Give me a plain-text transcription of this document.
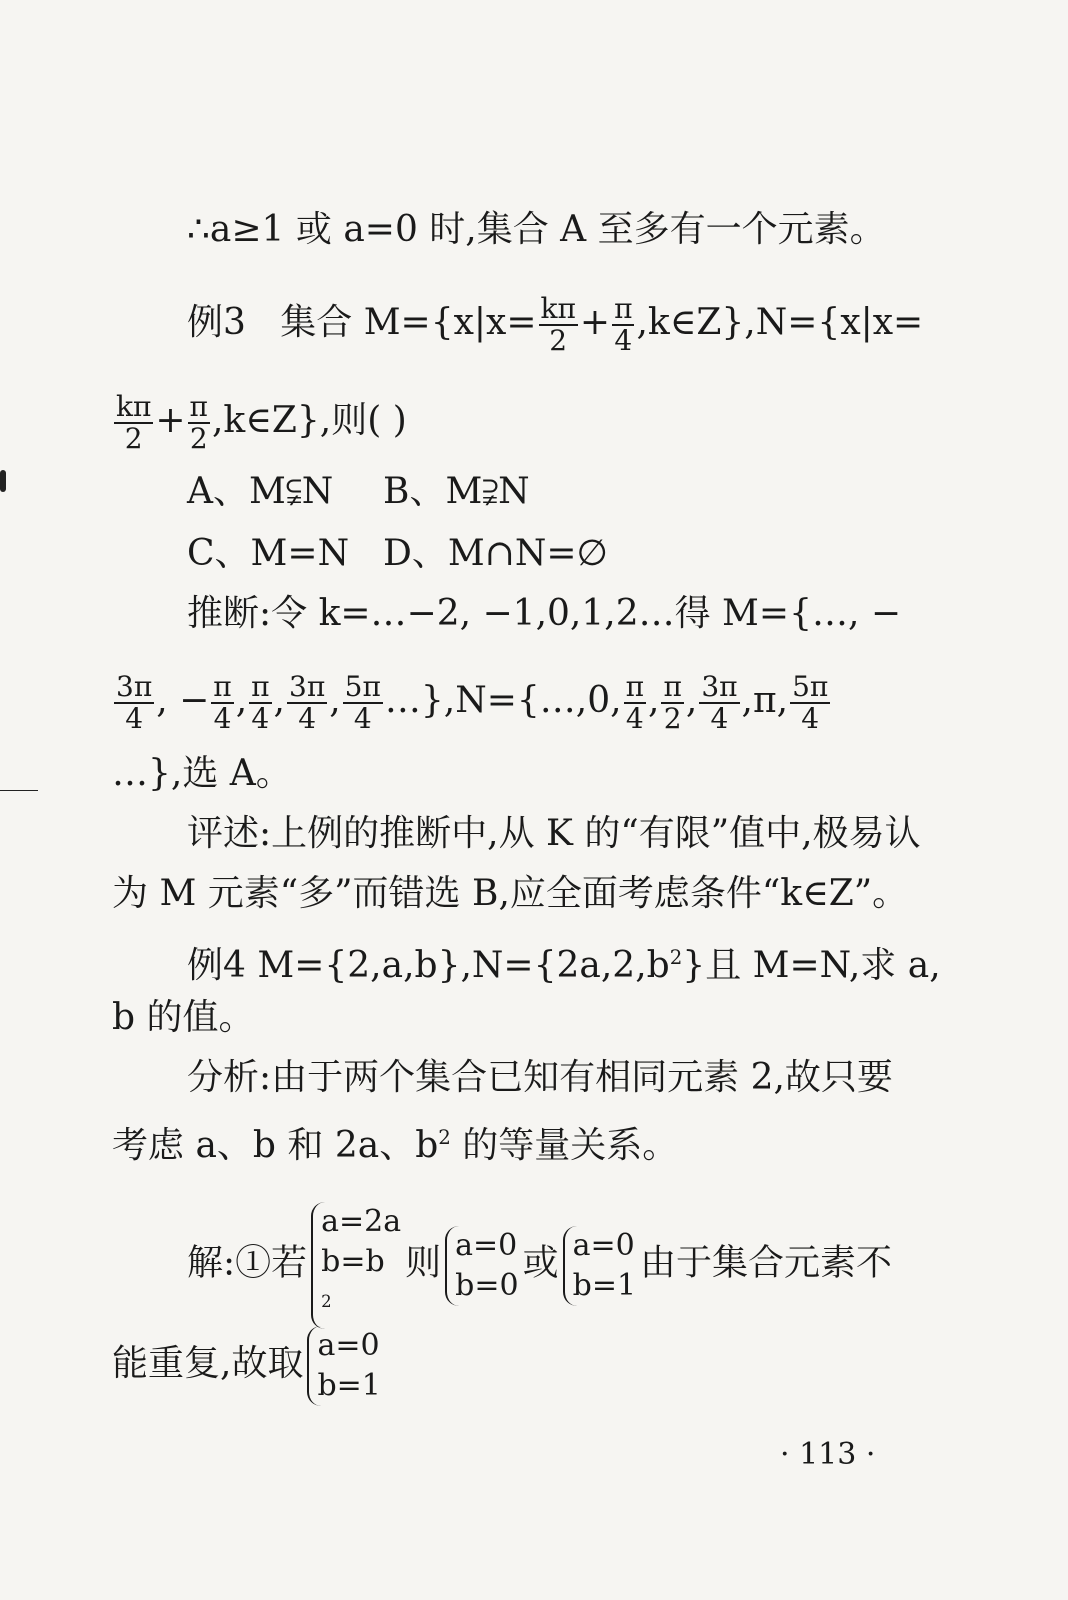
∴a≥1 或 a=0 时,集合 A 至多有一个元素。
例3 集合 $M=\{x|x= \frac{k\pi}{2} + \frac{\pi}{4}$ ,k∈Z},N={x|x=
$\frac{k\pi}{2} + \frac{\pi}{2}$ ,k∈Z},则( )
A、M⫋N B、M⫌N
C、M=N D、M∩N=∅
推断:令 k=…−2, −1,0,1,2…得 M={…, −
$\frac{3\pi}{4}$ , − $\frac{\pi}{4}$ , $\frac{\pi}{4}$ , $\frac{3\pi}{4}$ , $\frac{5\pi}{4}$ …},N={…,0, $\frac{\pi}{4}$ , $\frac{\pi}{2}$ , $\frac{3\pi}{4} ,\pi$, $\frac{5\pi}{4}$
…},选 A。
评述:上例的推断中,从 K 的“有限”值中,极易认
为 M 元素“多”而错选 B,应全面考虑条件“k∈Z”。
例4 $M=\{2,a,b\},N=\{2a,2,b^2\}$且 M=N,求 a,
b 的值。
分析:由于两个集合已知有相同元素 2,故只要
考虑 a、b 和 2a、$b^2$ 的等量关系。
解:①若
a=2a
b=b
$^2$
则 a=0
b=0
或 a=0
b=1
由于集合元素不
能重复,故取 a=0
b=1
· 113 ·
